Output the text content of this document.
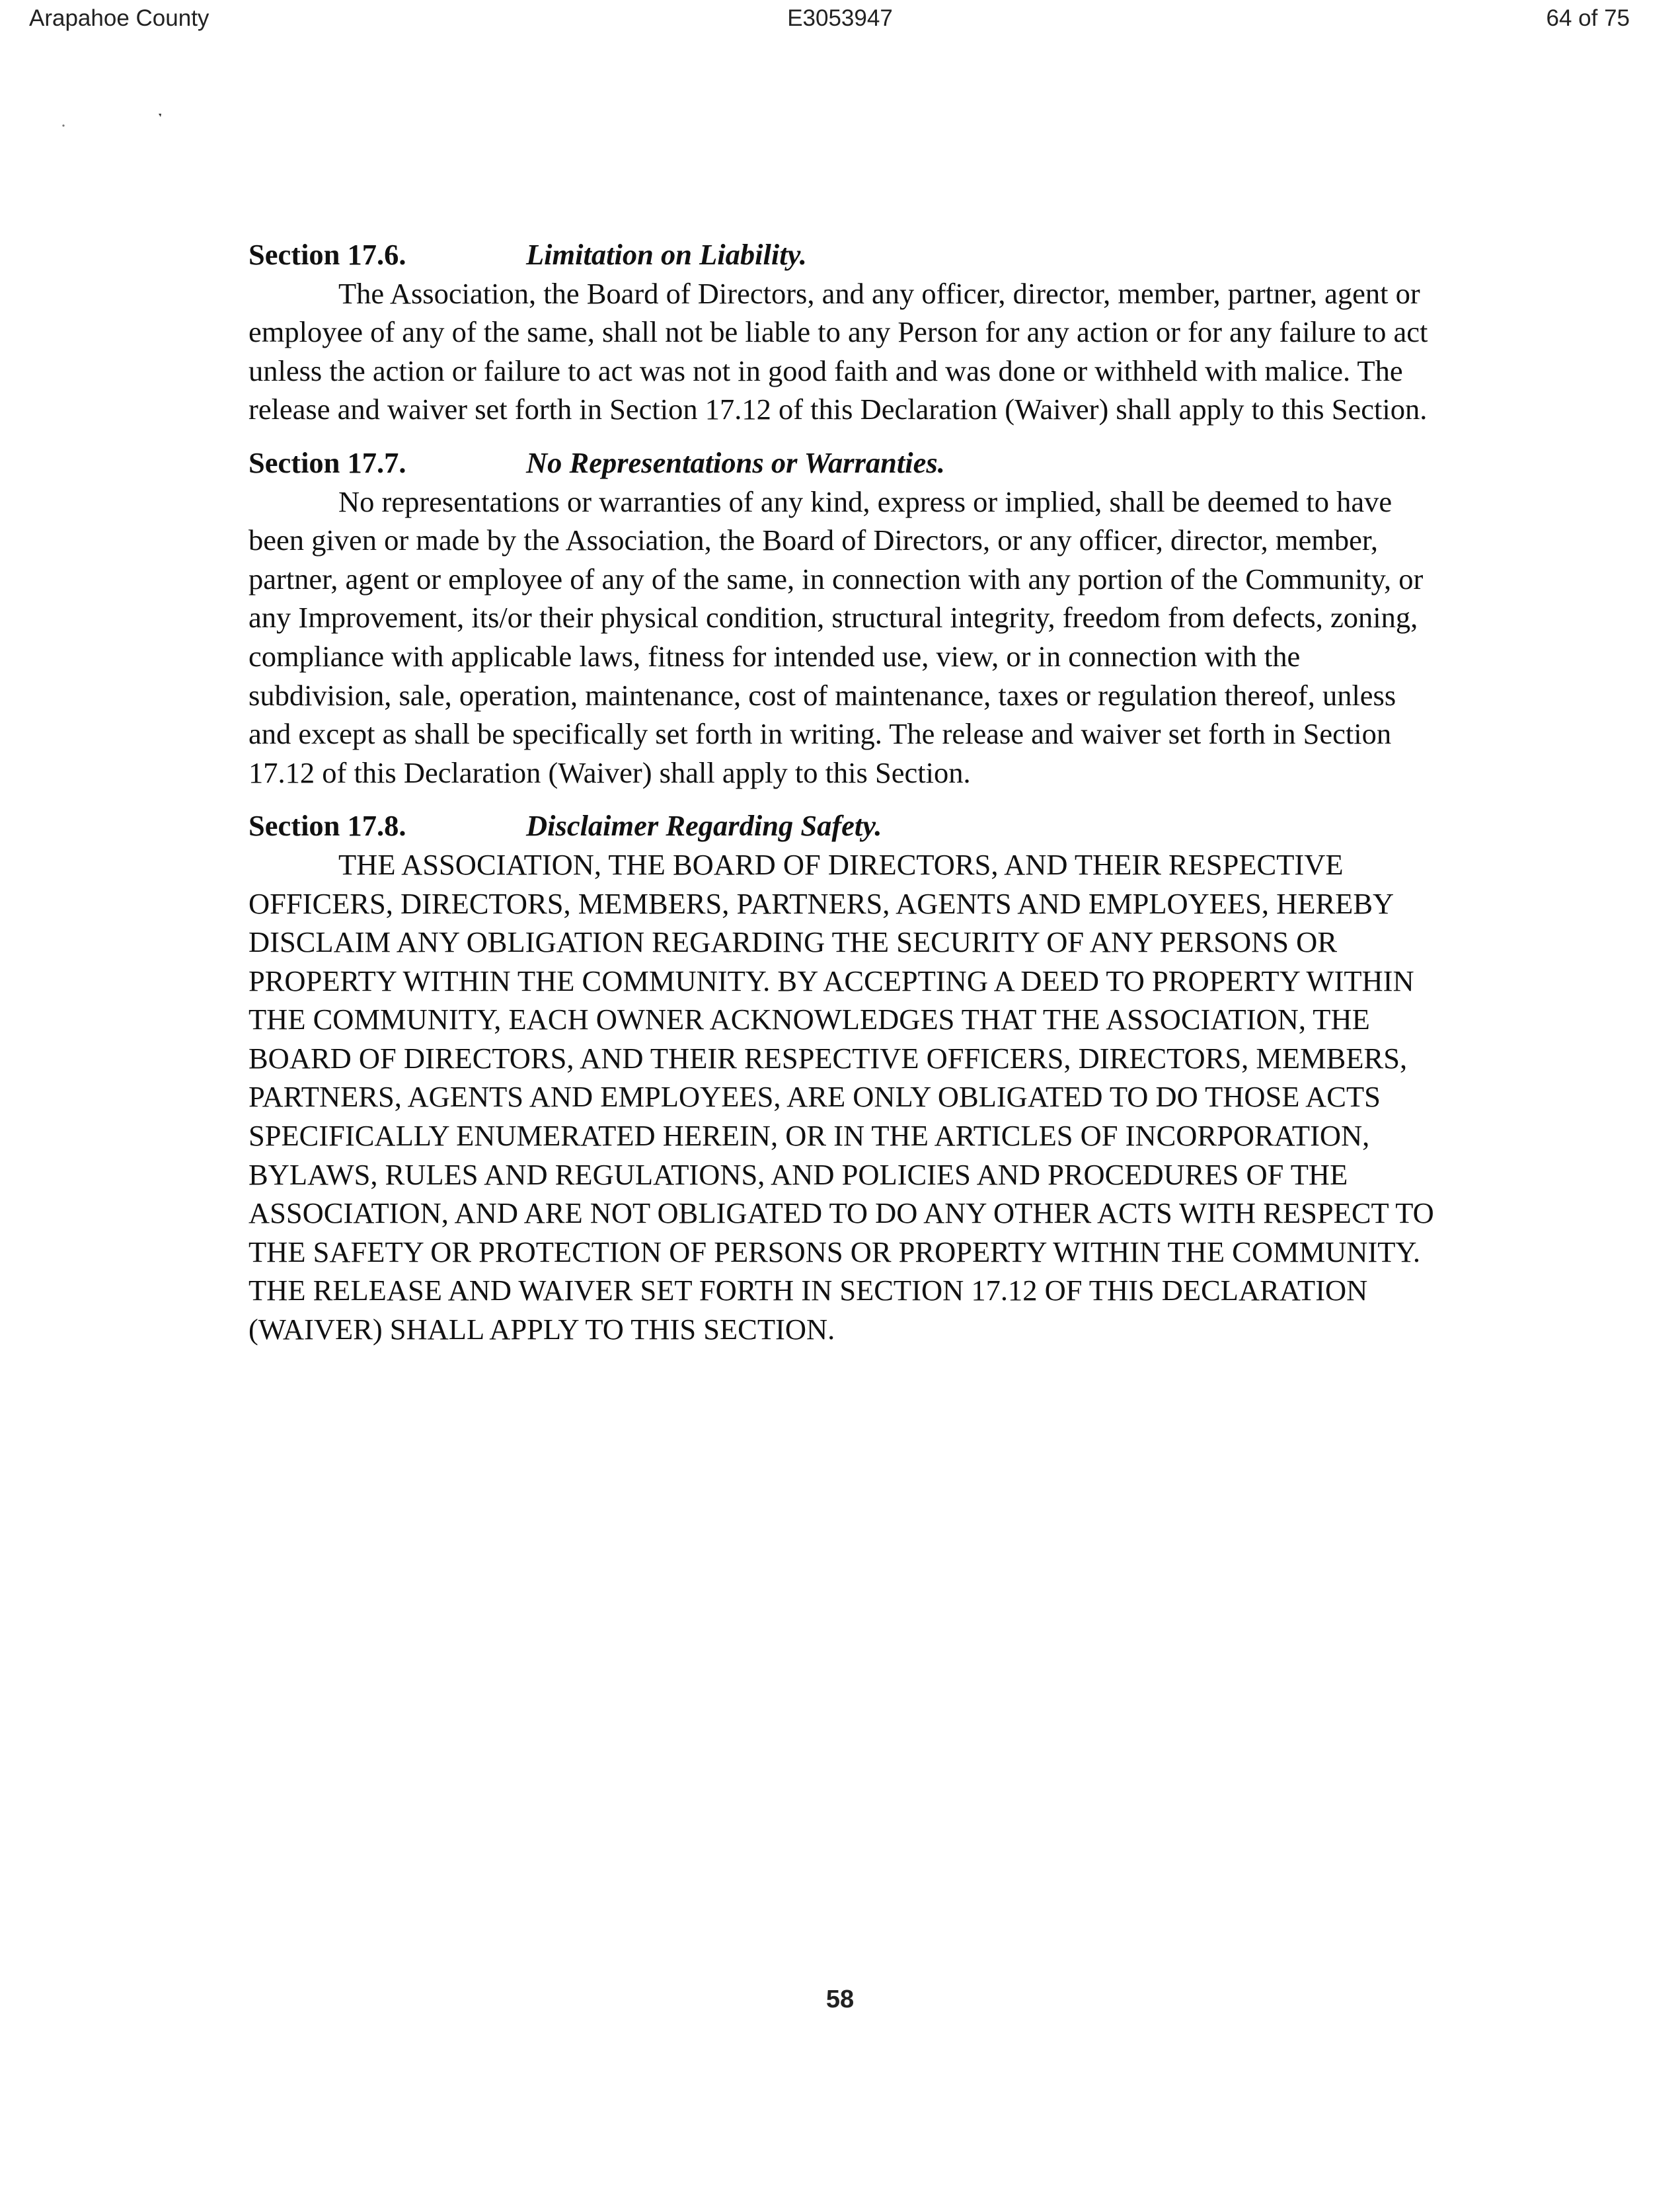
Arapahoe County	E3053947	64 of 75

Section 17.6.	Limitation on Liability.

The Association, the Board of Directors, and any officer, director, member, partner, agent or employee of any of the same, shall not be liable to any Person for any action or for any failure to act unless the action or failure to act was not in good faith and was done or withheld with malice. The release and waiver set forth in Section 17.12 of this Declaration (Waiver) shall apply to this Section.

Section 17.7.	No Representations or Warranties.

No representations or warranties of any kind, express or implied, shall be deemed to have been given or made by the Association, the Board of Directors, or any officer, director, member, partner, agent or employee of any of the same, in connection with any portion of the Community, or any Improvement, its/or their physical condition, structural integrity, freedom from defects, zoning, compliance with applicable laws, fitness for intended use, view, or in connection with the subdivision, sale, operation, maintenance, cost of maintenance, taxes or regulation thereof, unless and except as shall be specifically set forth in writing. The release and waiver set forth in Section 17.12 of this Declaration (Waiver) shall apply to this Section.

Section 17.8.	Disclaimer Regarding Safety.

THE ASSOCIATION, THE BOARD OF DIRECTORS, AND THEIR RESPECTIVE OFFICERS, DIRECTORS, MEMBERS, PARTNERS, AGENTS AND EMPLOYEES, HEREBY DISCLAIM ANY OBLIGATION REGARDING THE SECURITY OF ANY PERSONS OR PROPERTY WITHIN THE COMMUNITY. BY ACCEPTING A DEED TO PROPERTY WITHIN THE COMMUNITY, EACH OWNER ACKNOWLEDGES THAT THE ASSOCIATION, THE BOARD OF DIRECTORS, AND THEIR RESPECTIVE OFFICERS, DIRECTORS, MEMBERS, PARTNERS, AGENTS AND EMPLOYEES, ARE ONLY OBLIGATED TO DO THOSE ACTS SPECIFICALLY ENUMERATED HEREIN, OR IN THE ARTICLES OF INCORPORATION, BYLAWS, RULES AND REGULATIONS, AND POLICIES AND PROCEDURES OF THE ASSOCIATION, AND ARE NOT OBLIGATED TO DO ANY OTHER ACTS WITH RESPECT TO THE SAFETY OR PROTECTION OF PERSONS OR PROPERTY WITHIN THE COMMUNITY. THE RELEASE AND WAIVER SET FORTH IN SECTION 17.12 OF THIS DECLARATION (WAIVER) SHALL APPLY TO THIS SECTION.

58
